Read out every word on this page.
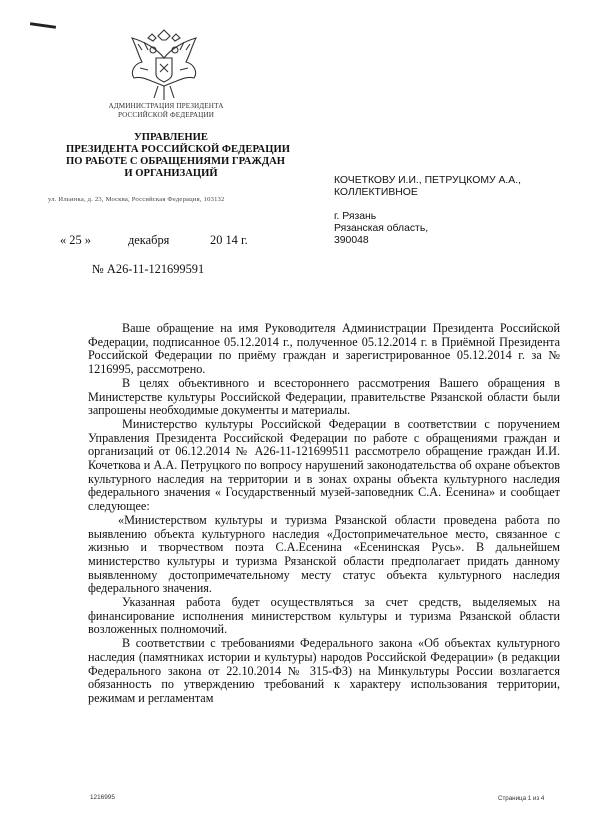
АДМИНИСТРАЦИЯ ПРЕЗИДЕНТА
РОССИЙСКОЙ ФЕДЕРАЦИИ
УПРАВЛЕНИЕ
ПРЕЗИДЕНТА РОССИЙСКОЙ ФЕДЕРАЦИИ
ПО РАБОТЕ С ОБРАЩЕНИЯМИ ГРАЖДАН
И ОРГАНИЗАЦИЙ
ул. Ильинка, д. 23, Москва, Российская Федерация, 103132
КОЧЕТКОВУ И.И., ПЕТРУЦКОМУ А.А.,
КОЛЛЕКТИВНОЕ
г. Рязань
Рязанская область,
390048
« 25 »	декабря	20 14 г.
№ А26-11-121699591

Ваше обращение на имя Руководителя Администрации Президента Российской Федерации, подписанное 05.12.2014 г., полученное 05.12.2014 г. в Приёмной Президента Российской Федерации по приёму граждан и зарегистрированное 05.12.2014 г. за № 1216995, рассмотрено.

В целях объективного и всестороннего рассмотрения Вашего обращения в Министерстве культуры Российской Федерации, правительстве Рязанской области были запрошены необходимые документы и материалы.

Министерство культуры Российской Федерации в соответствии с поручением Управления Президента Российской Федерации по работе с обращениями граждан и организаций от 06.12.2014 № А26-11-121699511 рассмотрело обращение граждан И.И. Кочеткова и А.А. Петруцкого по вопросу нарушений законодательства об охране объектов культурного наследия на территории и в зонах охраны объекта культурного наследия федерального значения « Государственный музей-заповедник С.А. Есенина» и сообщает следующее:

«Министерством культуры и туризма Рязанской области проведена работа по выявлению объекта культурного наследия «Достопримечательное место, связанное с жизнью и творчеством поэта С.А.Есенина «Есенинская Русь». В дальнейшем министерство культуры и туризма Рязанской области предполагает придать данному выявленному достопримечательному месту статус объекта культурного наследия федерального значения.

Указанная работа будет осуществляться за счет средств, выделяемых на финансирование исполнения министерством культуры и туризма Рязанской области возложенных полномочий.

В соответствии с требованиями Федерального закона «Об объектах культурного наследия (памятниках истории и культуры) народов Российской Федерации» (в редакции Федерального закона от 22.10.2014 № 315-ФЗ) на Минкультуры России возлагается обязанность по утверждению требований к характеру использования территории, режимам и регламентам

1216995	Страница 1 из 4
